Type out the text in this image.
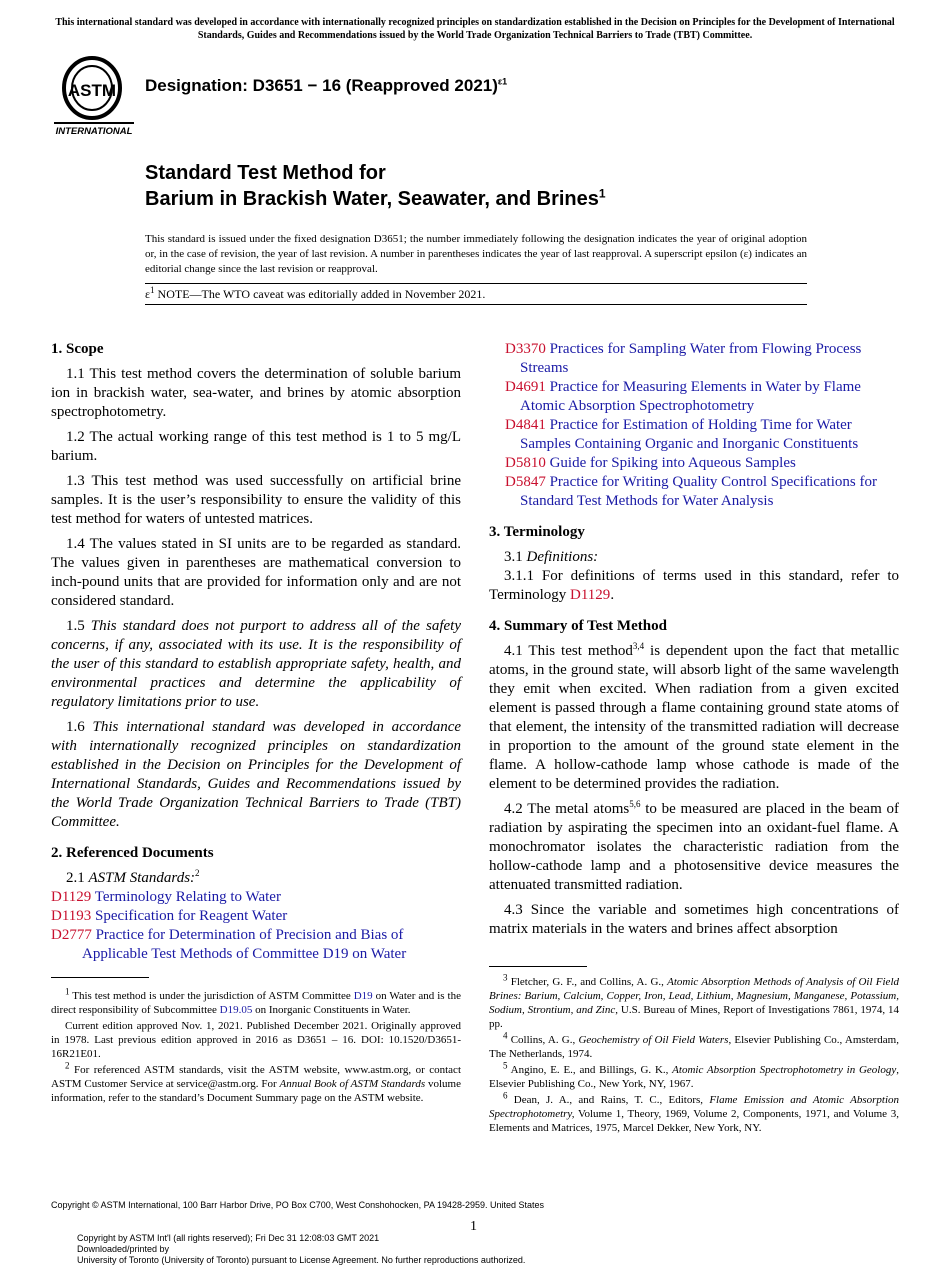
This international standard was developed in accordance with internationally recognized principles on standardization established in the Decision on Principles for the Development of International Standards, Guides and Recommendations issued by the World Trade Organization Technical Barriers to Trade (TBT) Committee.
ASTM
INTERNATIONAL
Designation: D3651 − 16 (Reapproved 2021)$^{\varepsilon 1}$
Standard Test Method for
Barium in Brackish Water, Seawater, and Brines$^1$
This standard is issued under the fixed designation D3651; the number immediately following the designation indicates the year of original adoption or, in the case of revision, the year of last revision. A number in parentheses indicates the year of last reapproval. A superscript epsilon (ε) indicates an editorial change since the last revision or reapproval.
$\varepsilon^1$ NOTE—The WTO caveat was editorially added in November 2021.
1. Scope

1.1 This test method covers the determination of soluble barium ion in brackish water, sea-water, and brines by atomic absorption spectrophotometry.

1.2 The actual working range of this test method is 1 to 5 mg/L barium.

1.3 This test method was used successfully on artificial brine samples. It is the user’s responsibility to ensure the validity of this test method for waters of untested matrices.

1.4 The values stated in SI units are to be regarded as standard. The values given in parentheses are mathematical conversion to inch-pound units that are provided for information only and are not considered standard.

1.5 This standard does not purport to address all of the safety concerns, if any, associated with its use. It is the responsibility of the user of this standard to establish appropriate safety, health, and environmental practices and determine the applicability of regulatory limitations prior to use.

1.6 This international standard was developed in accordance with internationally recognized principles on standardization established in the Decision on Principles for the Development of International Standards, Guides and Recommendations issued by the World Trade Organization Technical Barriers to Trade (TBT) Committee.

2. Referenced Documents

2.1 ASTM Standards:$^2$

D1129 Terminology Relating to Water
D1193 Specification for Reagent Water
D2777 Practice for Determination of Precision and Bias of Applicable Test Methods of Committee D19 on Water
D3370 Practices for Sampling Water from Flowing Process Streams
D4691 Practice for Measuring Elements in Water by Flame Atomic Absorption Spectrophotometry
D4841 Practice for Estimation of Holding Time for Water Samples Containing Organic and Inorganic Constituents
D5810 Guide for Spiking into Aqueous Samples
D5847 Practice for Writing Quality Control Specifications for Standard Test Methods for Water Analysis
3. Terminology

3.1 Definitions:

3.1.1 For definitions of terms used in this standard, refer to Terminology D1129.

4. Summary of Test Method

4.1 This test method$^{3,4}$ is dependent upon the fact that metallic atoms, in the ground state, will absorb light of the same wavelength they emit when excited. When radiation from a given excited element is passed through a flame containing ground state atoms of that element, the intensity of the transmitted radiation will decrease in proportion to the amount of the ground state element in the flame. A hollow-cathode lamp whose cathode is made of the element to be determined provides the radiation.

4.2 The metal atoms$^{5,6}$ to be measured are placed in the beam of radiation by aspirating the specimen into an oxidant-fuel flame. A monochromator isolates the characteristic radiation from the hollow-cathode lamp and a photosensitive device measures the attenuated transmitted radiation.

4.3 Since the variable and sometimes high concentrations of matrix materials in the waters and brines affect absorption

$^1$ This test method is under the jurisdiction of ASTM Committee D19 on Water and is the direct responsibility of Subcommittee D19.05 on Inorganic Constituents in Water.

Current edition approved Nov. 1, 2021. Published December 2021. Originally approved in 1978. Last previous edition approved in 2016 as D3651 – 16. DOI: 10.1520/D3651-16R21E01.

$^2$ For referenced ASTM standards, visit the ASTM website, www.astm.org, or contact ASTM Customer Service at service@astm.org. For Annual Book of ASTM Standards volume information, refer to the standard’s Document Summary page on the ASTM website.

$^3$ Fletcher, G. F., and Collins, A. G., Atomic Absorption Methods of Analysis of Oil Field Brines: Barium, Calcium, Copper, Iron, Lead, Lithium, Magnesium, Manganese, Potassium, Sodium, Strontium, and Zinc, U.S. Bureau of Mines, Report of Investigations 7861, 1974, 14 pp.

$^4$ Collins, A. G., Geochemistry of Oil Field Waters, Elsevier Publishing Co., Amsterdam, The Netherlands, 1974.

$^5$ Angino, E. E., and Billings, G. K., Atomic Absorption Spectrophotometry in Geology, Elsevier Publishing Co., New York, NY, 1967.

$^6$ Dean, J. A., and Rains, T. C., Editors, Flame Emission and Atomic Absorption Spectrophotometry, Volume 1, Theory, 1969, Volume 2, Components, 1971, and Volume 3, Elements and Matrices, 1975, Marcel Dekker, New York, NY.

Copyright © ASTM International, 100 Barr Harbor Drive, PO Box C700, West Conshohocken, PA 19428-2959. United States
1
Copyright by ASTM Int'l (all rights reserved); Fri Dec 31 12:08:03 GMT 2021
Downloaded/printed by
University of Toronto (University of Toronto) pursuant to License Agreement. No further reproductions authorized.
